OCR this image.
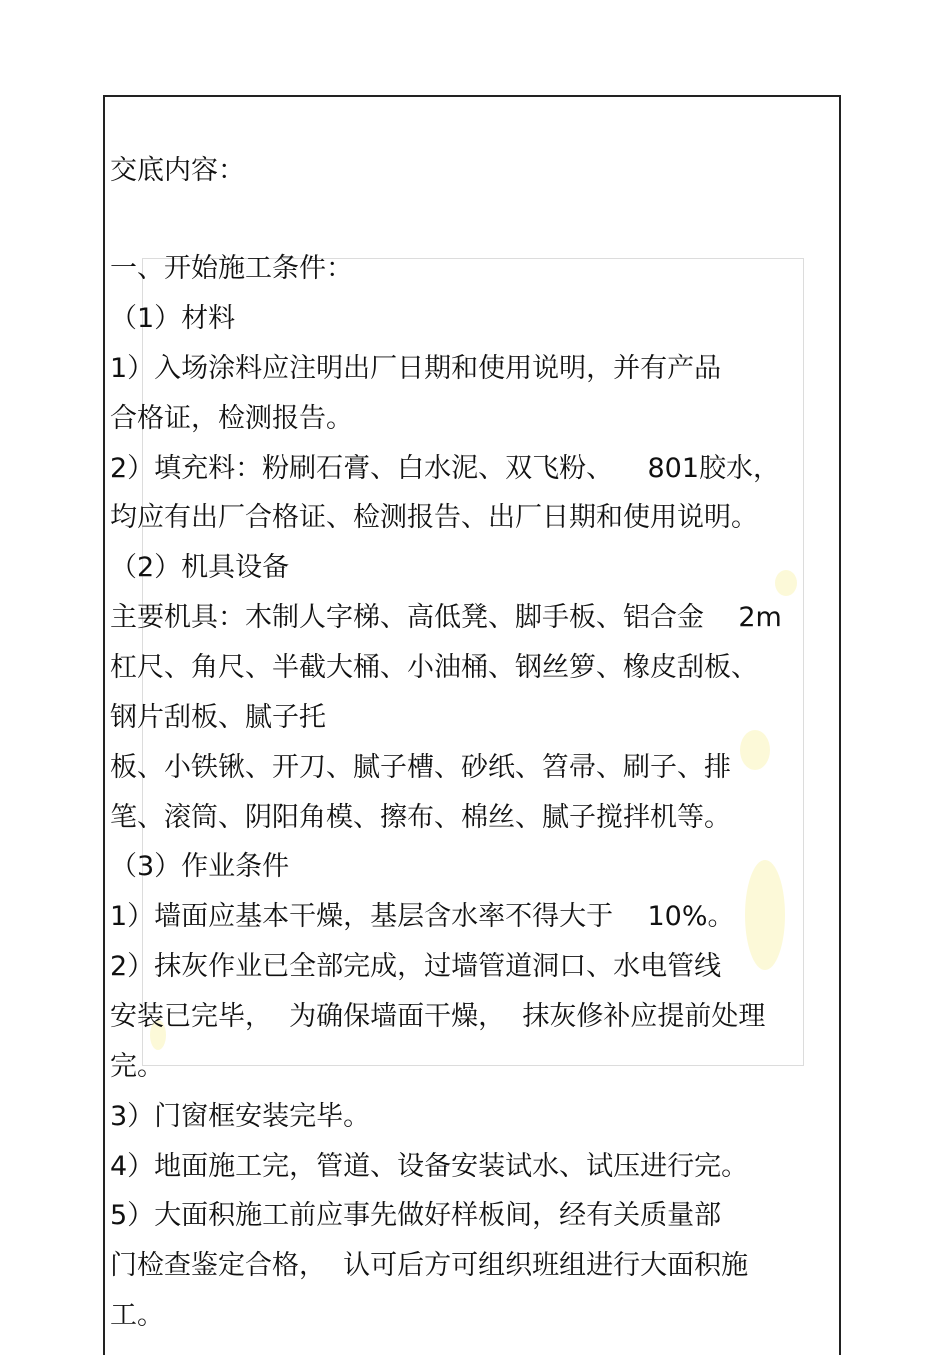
交底内容：

一、开始施工条件：

（1）材料

1）入场涂料应注明出厂日期和使用说明，并有产品

合格证，检测报告。

2）填充料：粉刷石膏、白水泥、双飞粉、    801胶水，

均应有出厂合格证、检测报告、出厂日期和使用说明。

（2）机具设备

主要机具：木制人字梯、高低凳、脚手板、铝合金    2m

杠尺、角尺、半截大桶、小油桶、钢丝箩、橡皮刮板、

钢片刮板、腻子托

板、小铁锹、开刀、腻子槽、砂纸、笤帚、刷子、排

笔、滚筒、阴阳角模、擦布、棉丝、腻子搅拌机等。

（3）作业条件

1）墙面应基本干燥，基层含水率不得大于    10%。

2）抹灰作业已全部完成，过墙管道洞口、水电管线

安装已完毕，  为确保墙面干燥，  抹灰修补应提前处理

完。

3）门窗框安装完毕。

4）地面施工完，管道、设备安装试水、试压进行完。

5）大面积施工前应事先做好样板间，经有关质量部

门检查鉴定合格，  认可后方可组织班组进行大面积施

工。
